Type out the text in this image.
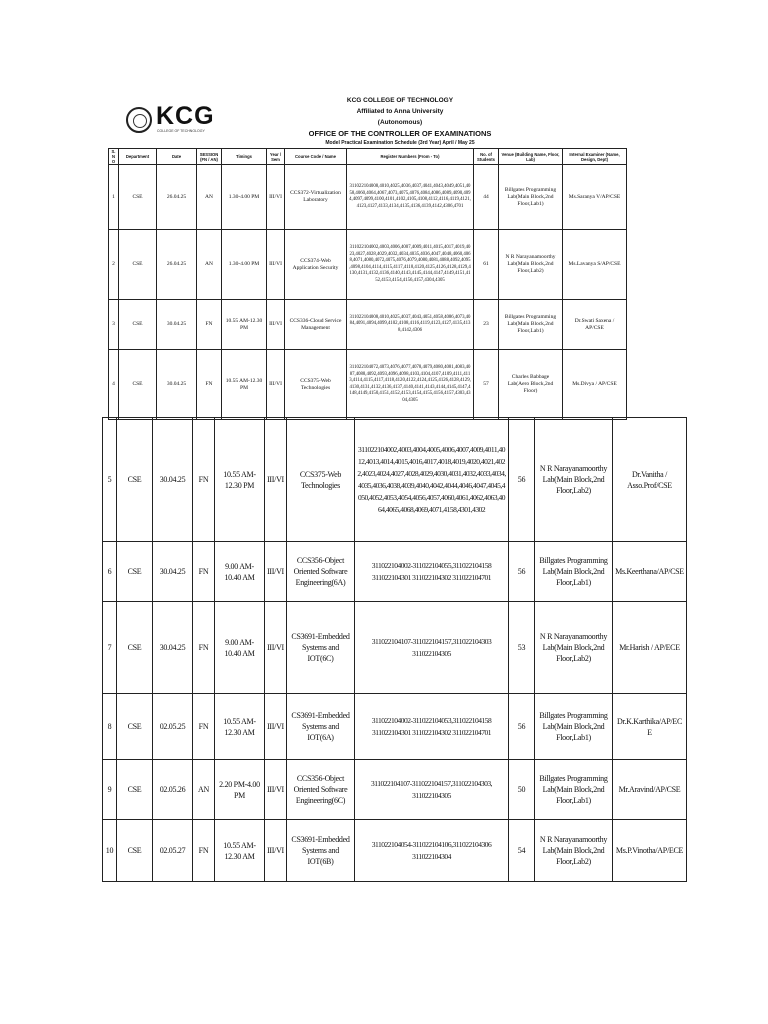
KCG
COLLEGE OF TECHNOLOGY
KCG COLLEGE OF TECHNOLOGY
Affiliated to Anna University
(Autonomous)
OFFICE OF THE CONTROLLER OF EXAMINATIONS
Model Practical Examination Schedule (3rd Year) April / May 25
S.NO	Department	Date	SESSION (FN / AN)	Timings	Year / Sem	Course Code / Name	Register Numbers (From - To)	No. of Students	Venue (Building Name, Floor, Lab)	Internal Examiner (Name, Design, Dept)
1	CSE	26.04.25	AN	1.30-4.00 PM	III/VI	CCS372-Virtualization Laboratory	311022104008,4010,4025,4036,4037,4041,4043,4049,4051,4058,4060,4064,4067,4073,4075,4076,4084,4086,4089,4090,4094,4097,4099,4100,4101,4102,4105,4108,4112,4116,4119,4121,4123,4127,4133,4134,4135,4136,4139,4142,4306,4701	44	Billgates Programming Lab(Main Block,2nd Floor,Lab1)	Ms.Saranya V/AP/CSE
2	CSE	26.04.25	AN	1.30-4.00 PM	III/VI	CCS374-Web Application Security	311022104002,4003,4006,4007,4009,4011,4015,4017,4019,4023,4027,4028,4029,4032,4034,4035,4036,4047,4048,4060,4068,4071,4080,4072,4075,4076,4079,4080,4081,4088,4092,4095,4098,4104,4114,4115,4117,4118,4120,4125,4126,4128,4129,4130,4131,4132,4136,4140,4143,4145,4144,4147,4149,4151,4152,4153,4154,4156,4157,4304,4305	61	N R Narayanamoorthy Lab(Main Block,2nd Floor,Lab2)	Ms.Lavanya S/AP/CSE
3	CSE	30.04.25	FN	10.55 AM-12.30 PM	III/VI	CCS336-Cloud Service Management	311022104008,4010,4025,4037,4043,4051,4058,4086,4073,4084,4091,4094,4099,4102,4108,4116,4119,4123,4127,4135,4138,4142,4306	23	Billgates Programming Lab(Main Block,2nd Floor,Lab1)	Dr.Swati Saxena / AP/CSE
4	CSE	30.04.25	FN	10.55 AM-12.30 PM	III/VI	CCS375-Web Technologies	311022104072,4073,4076,4077,4078,4079,4080,4081,4083,4087,4088,4092,4093,4096,4098,4103,4104,4107,4109,4111,4113,4114,4115,4117,4118,4120,4122,4124,4125,4126,4128,4129,4130,4131,4132,4136,4137,4140,4141,4143,4144,4145,4147,4148,4149,4150,4151,4152,4153,4154,4155,4156,4157,4303,4304,4305	57	Charles Babbage Lab(Aero Block,2nd Floor)	Ms.Divya / AP/CSE
5	CSE	30.04.25	FN	10.55 AM-12.30 PM	III/VI	CCS375-Web Technologies	311022104002,4003,4004,4005,4006,4007,4009,4011,4012,4013,4014,4015,4016,4017,4018,4019,4020,4021,4022,4023,4024,4027,4028,4029,4030,4031,4032,4033,4034,4035,4036,4038,4039,4040,4042,4044,4046,4047,4045,4050,4052,4053,4054,4056,4057,4060,4061,4062,4063,4064,4065,4068,4069,4071,4158,4301,4302	56	N R Narayanamoorthy Lab(Main Block,2nd Floor,Lab2)	Dr.Vanitha / Asso.Prof/CSE
6	CSE	30.04.25	FN	9.00 AM-10.40 AM	III/VI	CCS356-Object Oriented Software Engineering(6A)	311022104002-311022104055,311022104158 311022104301 311022104302 311022104701	56	Billgates Programming Lab(Main Block,2nd Floor,Lab1)	Ms.Keerthana/AP/CSE
7	CSE	30.04.25	FN	9.00 AM-10.40 AM	III/VI	CS3691-Embedded Systems and IOT(6C)	311022104107-311022104157,311022104303 311022104305	53	N R Narayanamoorthy Lab(Main Block,2nd Floor,Lab2)	Mr.Harish / AP/ECE
8	CSE	02.05.25	FN	10.55 AM-12.30 AM	III/VI	CS3691-Embedded Systems and IOT(6A)	311022104002-311022104053,311022104158 311022104301 311022104302 311022104701	56	Billgates Programming Lab(Main Block,2nd Floor,Lab1)	Dr.K.Karthika/AP/ECE
9	CSE	02.05.26	AN	2.20 PM-4.00 PM	III/VI	CCS356-Object Oriented Software Engineering(6C)	311022104107-311022104157,311022104303, 311022104305	50	Billgates Programming Lab(Main Block,2nd Floor,Lab1)	Mr.Aravind/AP/CSE
10	CSE	02.05.27	FN	10.55 AM-12.30 AM	III/VI	CS3691-Embedded Systems and IOT(6B)	311022104054-311022104106,311022104306 311022104304	54	N R Narayanamoorthy Lab(Main Block,2nd Floor,Lab2)	Ms.P.Vinotha/AP/ECE
